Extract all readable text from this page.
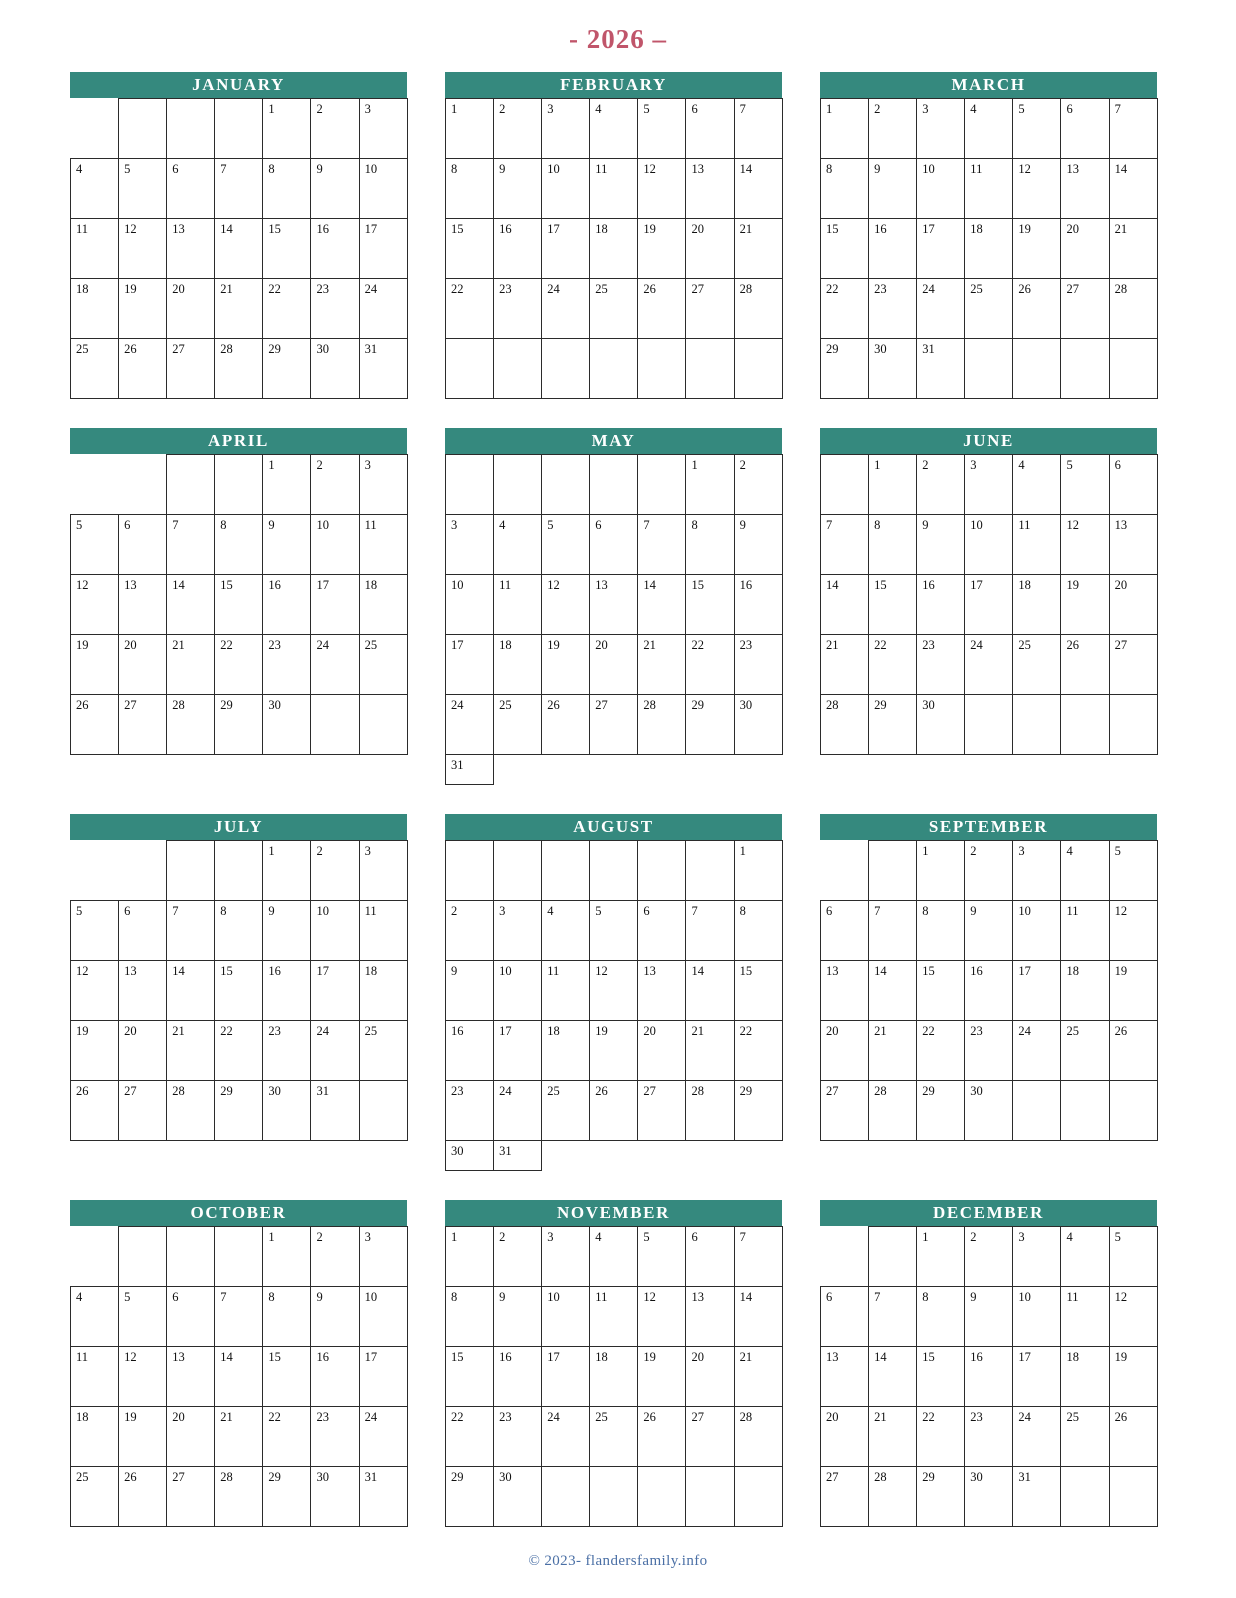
- 2026 –
JANUARY
				1	2	3
4	5	6	7	8	9	10
11	12	13	14	15	16	17
18	19	20	21	22	23	24
25	26	27	28	29	30	31
FEBRUARY
1	2	3	4	5	6	7
8	9	10	11	12	13	14
15	16	17	18	19	20	21
22	23	24	25	26	27	28

MARCH
1	2	3	4	5	6	7
8	9	10	11	12	13	14
15	16	17	18	19	20	21
22	23	24	25	26	27	28
29	30	31				
APRIL
				1	2	3
5	6	7	8	9	10	11
12	13	14	15	16	17	18
19	20	21	22	23	24	25
26	27	28	29	30		
MAY
					1	2
3	4	5	6	7	8	9
10	11	12	13	14	15	16
17	18	19	20	21	22	23
24	25	26	27	28	29	30
31						
JUNE
	1	2	3	4	5	6
7	8	9	10	11	12	13
14	15	16	17	18	19	20
21	22	23	24	25	26	27
28	29	30				
JULY
				1	2	3
5	6	7	8	9	10	11
12	13	14	15	16	17	18
19	20	21	22	23	24	25
26	27	28	29	30	31	
AUGUST
						1
2	3	4	5	6	7	8
9	10	11	12	13	14	15
16	17	18	19	20	21	22
23	24	25	26	27	28	29
30	31					
SEPTEMBER
		1	2	3	4	5
6	7	8	9	10	11	12
13	14	15	16	17	18	19
20	21	22	23	24	25	26
27	28	29	30			
OCTOBER
				1	2	3
4	5	6	7	8	9	10
11	12	13	14	15	16	17
18	19	20	21	22	23	24
25	26	27	28	29	30	31
NOVEMBER
1	2	3	4	5	6	7
8	9	10	11	12	13	14
15	16	17	18	19	20	21
22	23	24	25	26	27	28
29	30					
DECEMBER
		1	2	3	4	5
6	7	8	9	10	11	12
13	14	15	16	17	18	19
20	21	22	23	24	25	26
27	28	29	30	31		
© 2023- flandersfamily.info
